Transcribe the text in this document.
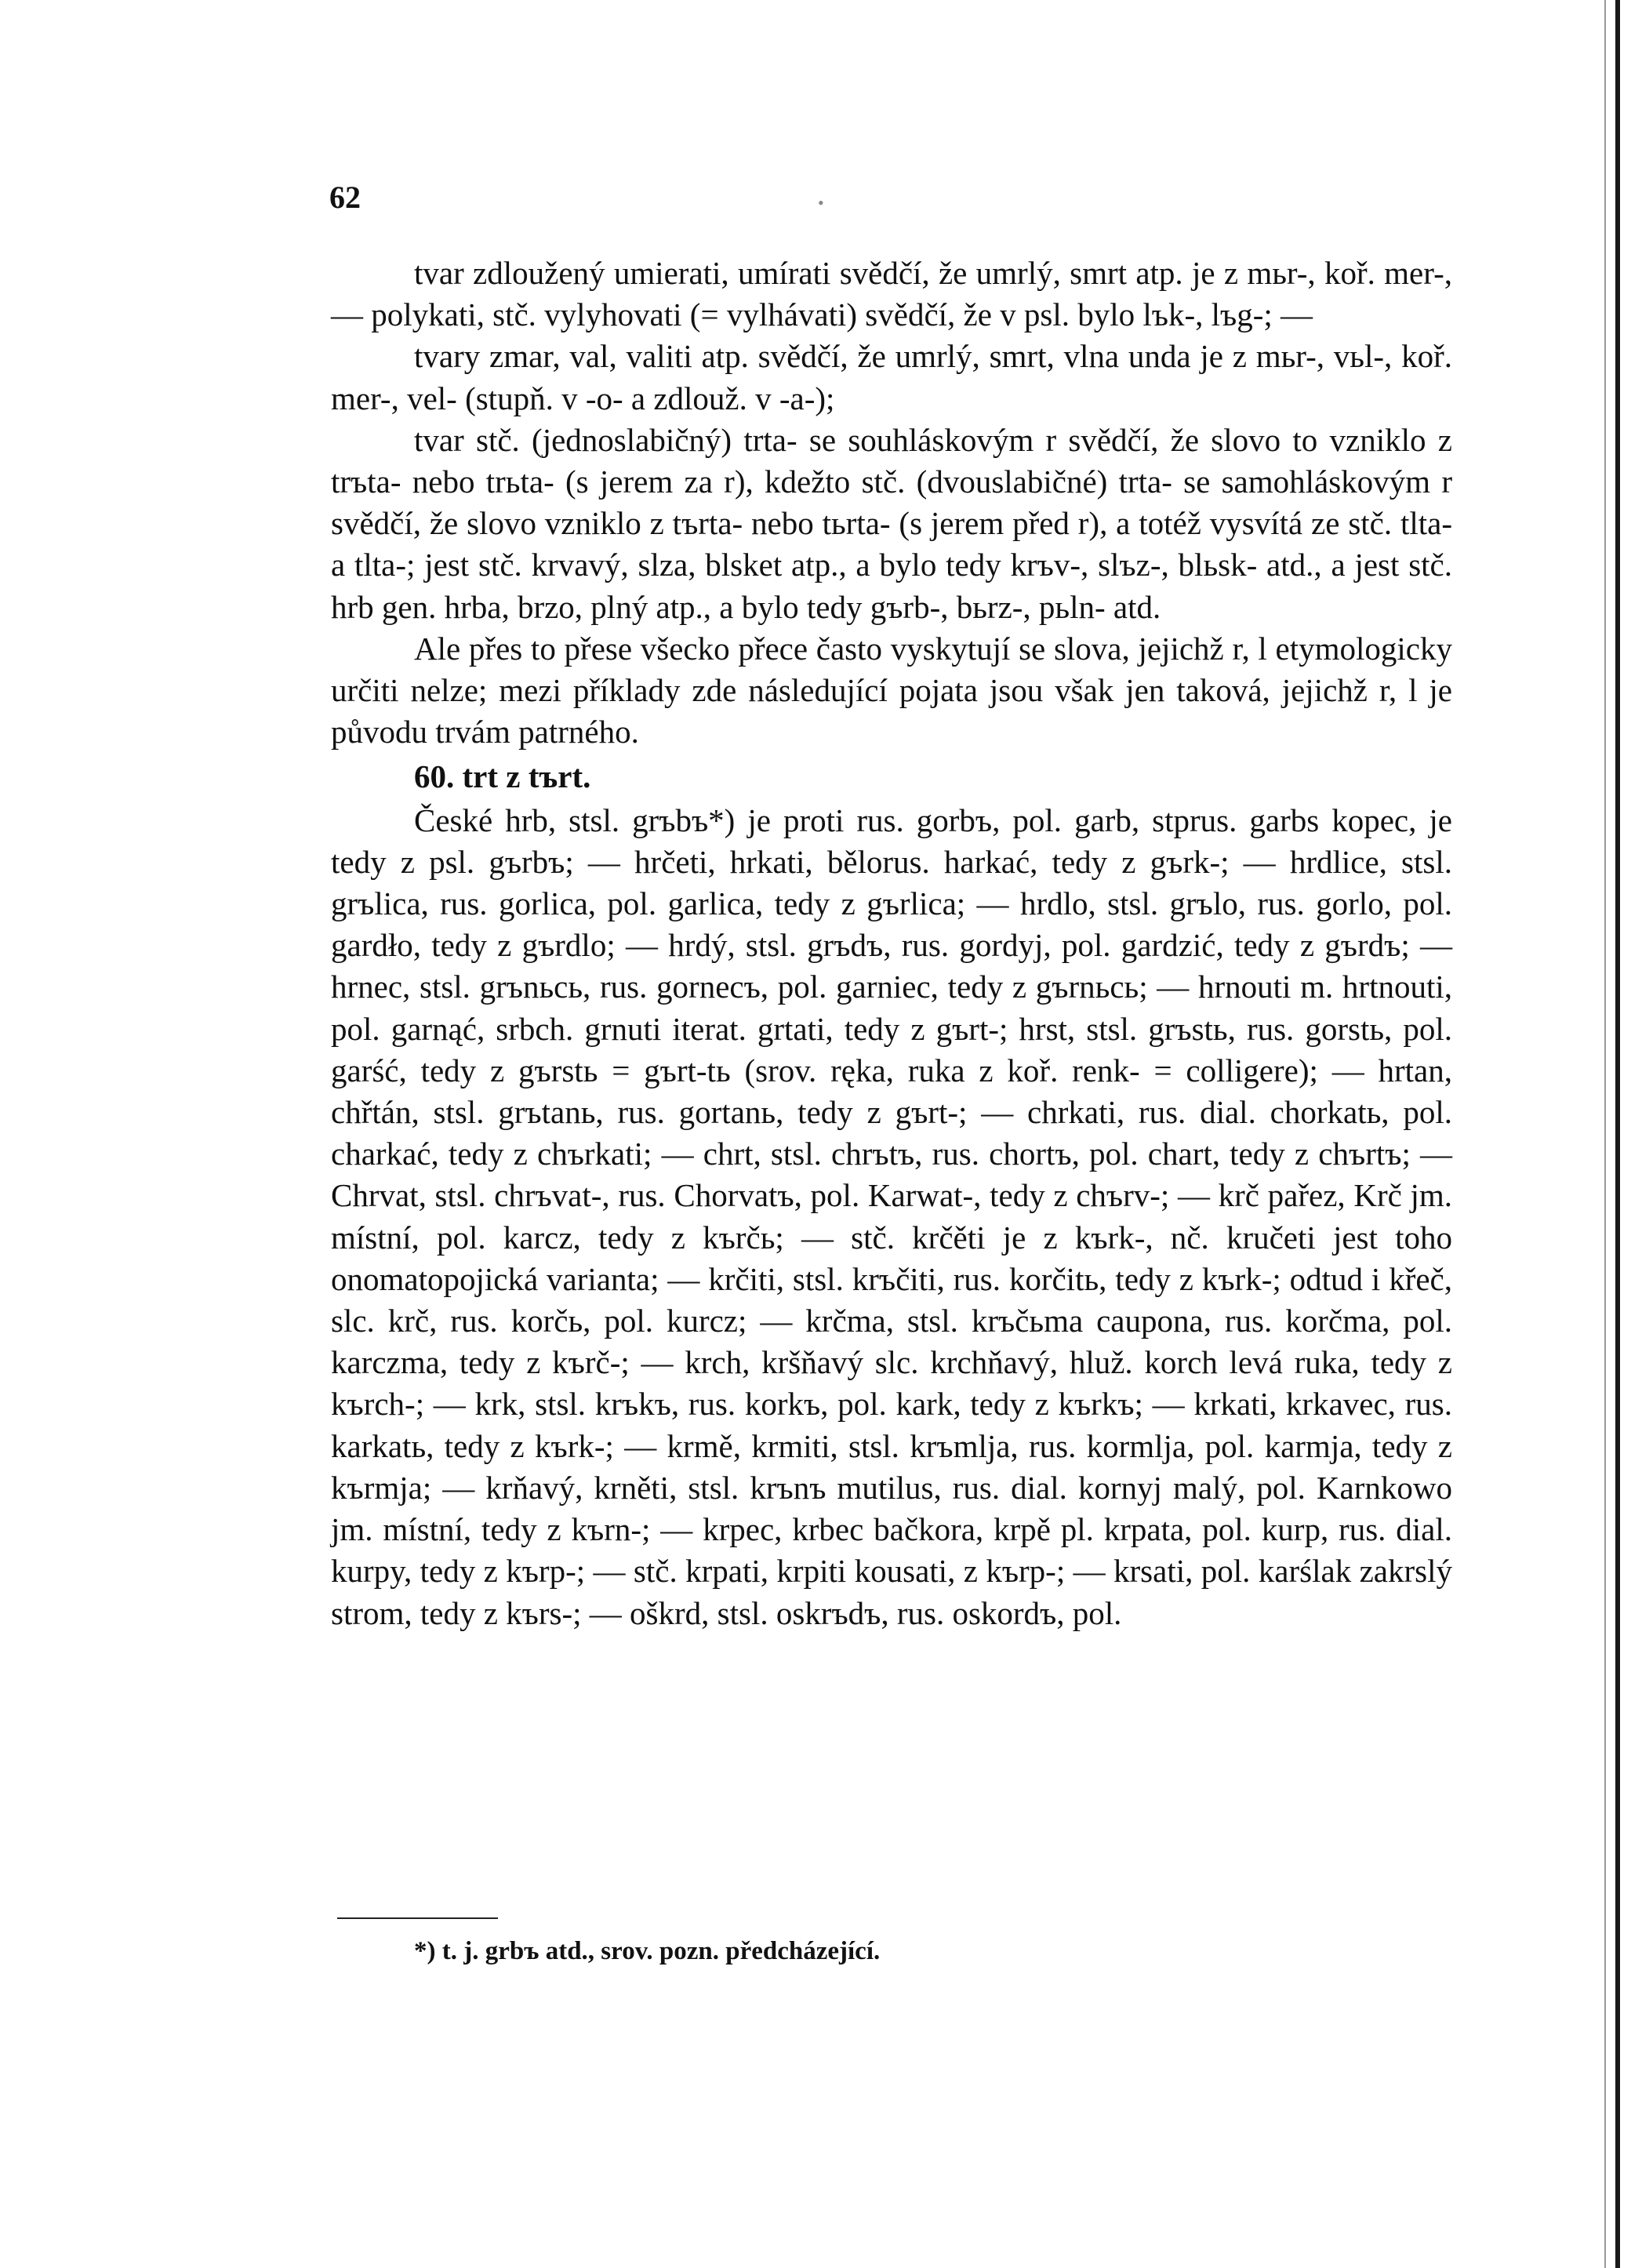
62	•

tvar zdloužený umierati, umírati svědčí, že umrlý, smrt atp. je z mьr-, koř. mer-, — polykati, stč. vylyhovati (= vylhávati) svědčí, že v psl. bylo lъk-, lъg-; —

tvary zmar, val, valiti atp. svědčí, že umrlý, smrt, vlna unda je z mьr-, vьl-, koř. mer-, vel- (stupň. v -o- a zdlouž. v -a-);

tvar stč. (jednoslabičný) trta- se souhláskovým r svědčí, že slovo to vzniklo z trъta- nebo trьta- (s jerem za r), kdežto stč. (dvouslabičné) trta- se samohláskovým r svědčí, že slovo vzniklo z tъrta- nebo tьrta- (s jerem před r), a totéž vysvítá ze stč. tlta- a tlta-; jest stč. krvavý, slza, blsket atp., a bylo tedy krъv-, slъz-, blьsk- atd., a jest stč. hrb gen. hrba, brzo, plný atp., a bylo tedy gъrb-, bьrz-, pьln- atd.

Ale přes to přese všecko přece často vyskytují se slova, jejichž r, l etymologicky určiti nelze; mezi příklady zde následující pojata jsou však jen taková, jejichž r, l je původu trvám patrného.

60. trt z tъrt.

České hrb, stsl. grъbъ*) je proti rus. gorbъ, pol. garb, stprus. garbs kopec, je tedy z psl. gъrbъ; — hrčeti, hrkati, bělorus. harkać, tedy z gъrk-; — hrdlice, stsl. grъlica, rus. gorlica, pol. garlica, tedy z gъrlica; — hrdlo, stsl. grъlo, rus. gorlo, pol. gardło, tedy z gъrdlo; — hrdý, stsl. grъdъ, rus. gordyj, pol. gardzić, tedy z gъrdъ; — hrnec, stsl. grъnьcь, rus. gornecъ, pol. garniec, tedy z gъrnьcь; — hrnouti m. hrtnouti, pol. garnąć, srbch. grnuti iterat. grtati, tedy z gъrt-; hrst, stsl. grъstь, rus. gorstь, pol. garść, tedy z gъrstь = gъrt-tь (srov. ręka, ruka z koř. renk- = colligere); — hrtan, chřtán, stsl. grъtanь, rus. gortanь, tedy z gъrt-; — chrkati, rus. dial. chorkatь, pol. charkać, tedy z chъrkati; — chrt, stsl. chrъtъ, rus. chortъ, pol. chart, tedy z chъrtъ; — Chrvat, stsl. chrъvat-, rus. Chorvatъ, pol. Karwat-, tedy z chъrv-; — krč pařez, Krč jm. místní, pol. karcz, tedy z kъrčь; — stč. krčěti je z kъrk-, nč. kručeti jest toho onomatopojická varianta; — krčiti, stsl. krъčiti, rus. korčitь, tedy z kъrk-; odtud i křeč, slc. krč, rus. korčь, pol. kurcz; — krčma, stsl. krъčьma caupona, rus. korčma, pol. karczma, tedy z kъrč-; — krch, kršňavý slc. krchňavý, hluž. korch levá ruka, tedy z kъrch-; — krk, stsl. krъkъ, rus. korkъ, pol. kark, tedy z kъrkъ; — krkati, krkavec, rus. karkatь, tedy z kъrk-; — krmě, krmiti, stsl. krъmlja, rus. kormlja, pol. karmja, tedy z kъrmja; — krňavý, krněti, stsl. krъnъ mutilus, rus. dial. kornyj malý, pol. Karnkowo jm. místní, tedy z kъrn-; — krpec, krbec bačkora, krpě pl. krpata, pol. kurp, rus. dial. kurpy, tedy z kъrp-; — stč. krpati, krpiti kousati, z kъrp-; — krsati, pol. karślak zakrslý strom, tedy z kъrs-; — oškrd, stsl. oskrъdъ, rus. oskordъ, pol.

*) t. j. grbъ atd., srov. pozn. předcházející.
